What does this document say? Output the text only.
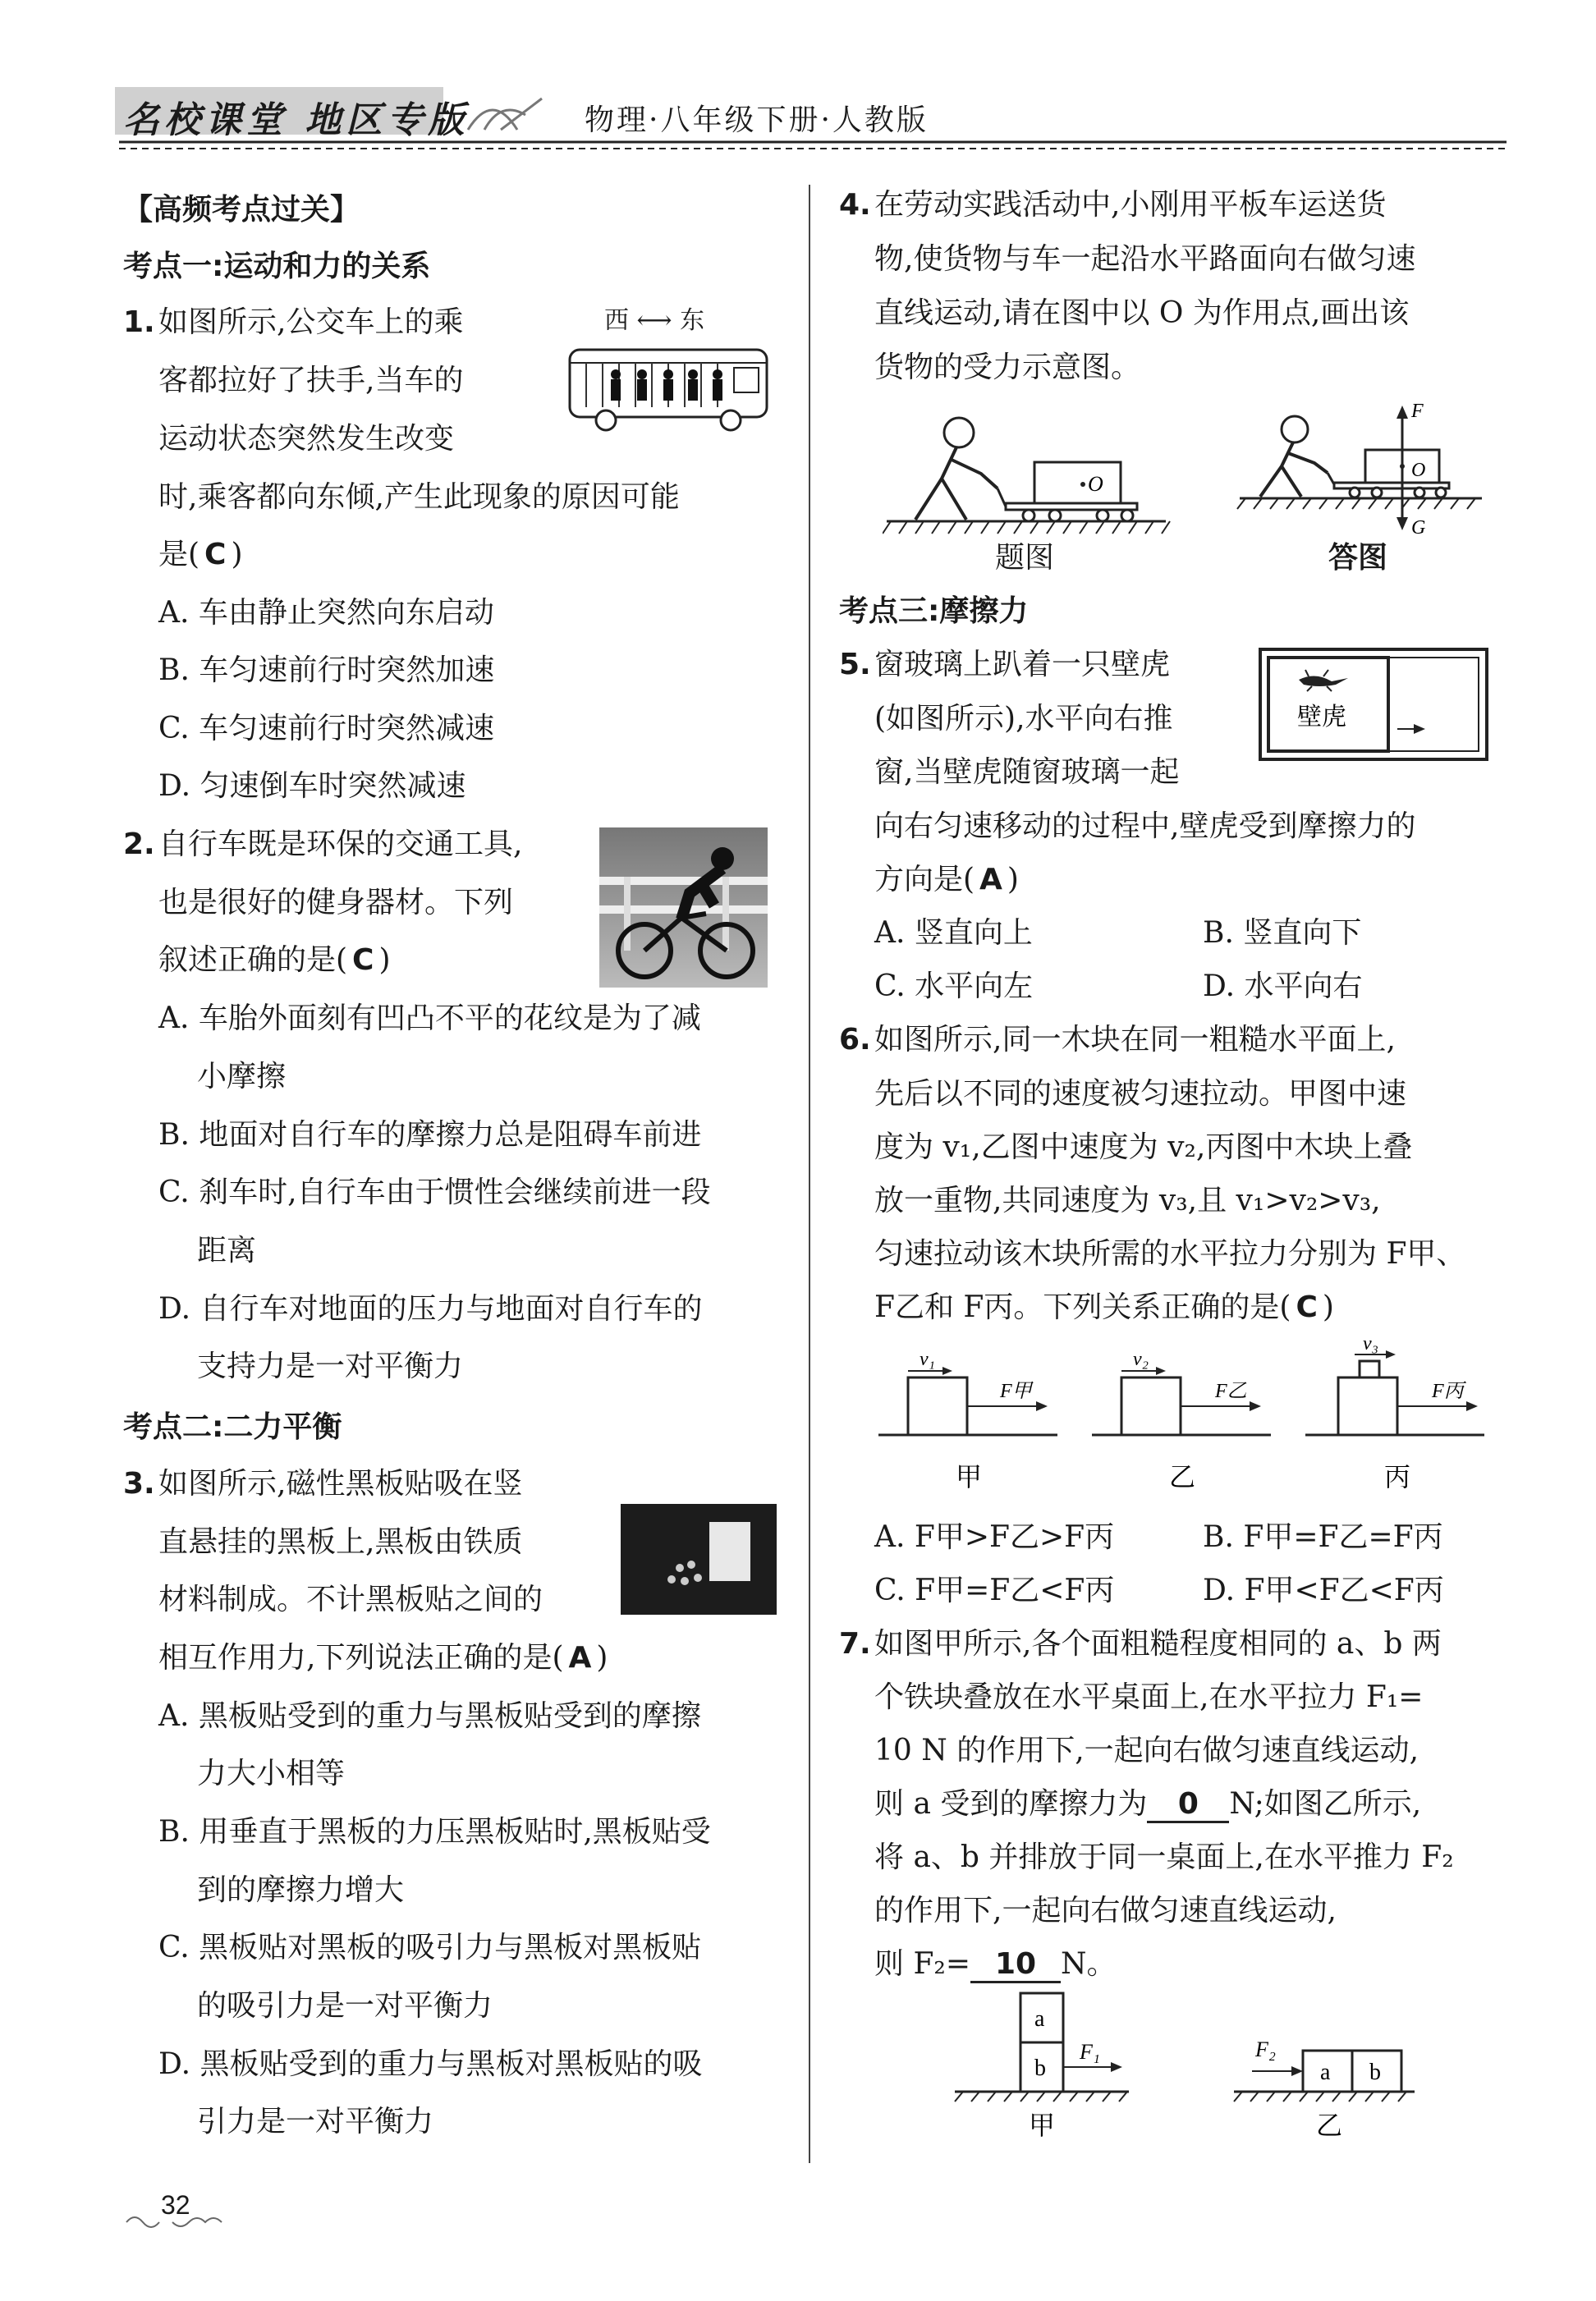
名校课堂 地区专版	物理·八年级下册·人教版
【高频考点过关】
考点一:运动和力的关系
1. 如图所示,公交车上的乘
客都拉好了扶手,当车的
运动状态突然发生改变
时,乘客都向东倾,产生此现象的原因可能
是( C )
A. 车由静止突然向东启动
B. 车匀速前行时突然加速
C. 车匀速前行时突然减速
D. 匀速倒车时突然减速
西 ⟷ 东
2. 自行车既是环保的交通工具,
也是很好的健身器材。下列
叙述正确的是( C )
A. 车胎外面刻有凹凸不平的花纹是为了减
小摩擦
B. 地面对自行车的摩擦力总是阻碍车前进
C. 刹车时,自行车由于惯性会继续前进一段
距离
D. 自行车对地面的压力与地面对自行车的
支持力是一对平衡力
考点二:二力平衡
3. 如图所示,磁性黑板贴吸在竖
直悬挂的黑板上,黑板由铁质
材料制成。不计黑板贴之间的
相互作用力,下列说法正确的是( A )
A. 黑板贴受到的重力与黑板贴受到的摩擦
力大小相等
B. 用垂直于黑板的力压黑板贴时,黑板贴受
到的摩擦力增大
C. 黑板贴对黑板的吸引力与黑板对黑板贴
的吸引力是一对平衡力
D. 黑板贴受到的重力与黑板对黑板贴的吸
引力是一对平衡力
4. 在劳动实践活动中,小刚用平板车运送货
物,使货物与车一起沿水平路面向右做匀速
直线运动,请在图中以 O 为作用点,画出该
货物的受力示意图。
O
题图
F
O
G
答图
考点三:摩擦力
5. 窗玻璃上趴着一只壁虎
(如图所示),水平向右推
窗,当壁虎随窗玻璃一起
向右匀速移动的过程中,壁虎受到摩擦力的
方向是( A )
A. 竖直向上	B. 竖直向下
C. 水平向左	D. 水平向右
壁虎
6. 如图所示,同一木块在同一粗糙水平面上,
先后以不同的速度被匀速拉动。甲图中速
度为 v₁,乙图中速度为 v₂,丙图中木块上叠
放一重物,共同速度为 v₃,且 v₁>v₂>v₃,
匀速拉动该木块所需的水平拉力分别为 F甲、
F乙和 F丙。下列关系正确的是( C )
v₁
F甲
甲
v₂
F乙
乙
v₃
F丙
丙
A. F甲>F乙>F丙	B. F甲=F乙=F丙
C. F甲=F乙<F丙	D. F甲<F乙<F丙
7. 如图甲所示,各个面粗糙程度相同的 a、b 两
个铁块叠放在水平桌面上,在水平拉力 F₁=
10 N 的作用下,一起向右做匀速直线运动,
则 a 受到的摩擦力为 0 N;如图乙所示,
将 a、b 并排放于同一桌面上,在水平推力 F₂
的作用下,一起向右做匀速直线运动,
则 F₂= 10 N。
a
b
F₁
甲
a b
F₂
乙
32
